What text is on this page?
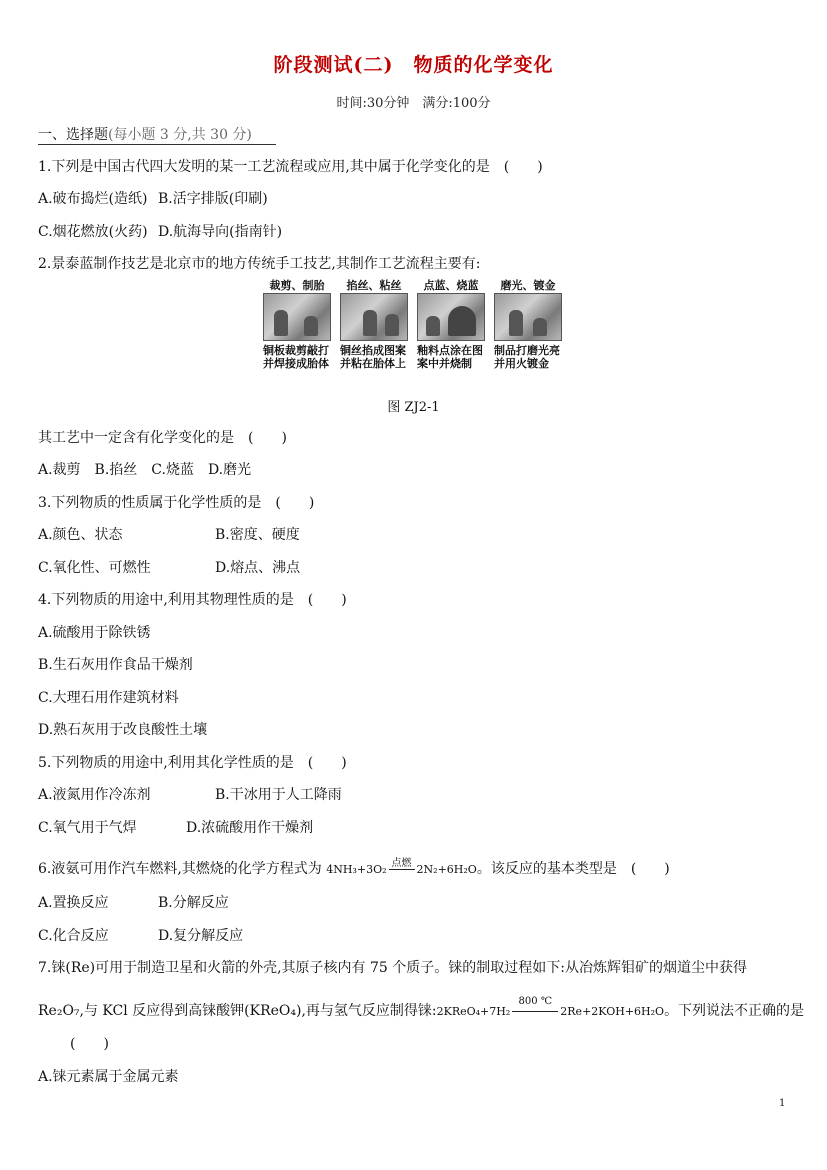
阶段测试(二)　物质的化学变化
时间:30分钟　满分:100分
一、选择题(每小题 3 分,共 30 分)
1.下列是中国古代四大发明的某一工艺流程或应用,其中属于化学变化的是　(　　)
A.破布捣烂(造纸) B.活字排版(印刷)
C.烟花燃放(火药) D.航海导向(指南针)
2.景泰蓝制作技艺是北京市的地方传统手工技艺,其制作工艺流程主要有:
裁剪、制胎
铜板裁剪敲打并焊接成胎体
掐丝、粘丝
铜丝掐成图案并粘在胎体上
点蓝、烧蓝
釉料点涂在图案中并烧制
磨光、镀金
制品打磨光亮并用火镀金
图 ZJ2-1
其工艺中一定含有化学变化的是　(　　)
A.裁剪　B.掐丝　C.烧蓝　D.磨光
3.下列物质的性质属于化学性质的是　(　　)
A.颜色、状态	B.密度、硬度
C.氧化性、可燃性	D.熔点、沸点
4.下列物质的用途中,利用其物理性质的是　(　　)
A.硫酸用于除铁锈
B.生石灰用作食品干燥剂
C.大理石用作建筑材料
D.熟石灰用于改良酸性土壤
5.下列物质的用途中,利用其化学性质的是　(　　)
A.液氮用作冷冻剂	B.干冰用于人工降雨
C.氧气用于气焊	D.浓硫酸用作干燥剂
6.液氨可用作汽车燃料,其燃烧的化学方程式为 4NH₃+3O₂ 点燃 2N₂+6H₂O。该反应的基本类型是　(　　)
A.置换反应	B.分解反应
C.化合反应	D.复分解反应
7.铼(Re)可用于制造卫星和火箭的外壳,其原子核内有 75 个质子。铼的制取过程如下:从冶炼辉钼矿的烟道尘中获得
Re₂O₇,与 KCl 反应得到高铼酸钾(KReO₄),再与氢气反应制得铼:2KReO₄+7H₂
800 ℃
2Re+2KOH+6H₂O。下列说法不正确的是
(　　)
A.铼元素属于金属元素
1
